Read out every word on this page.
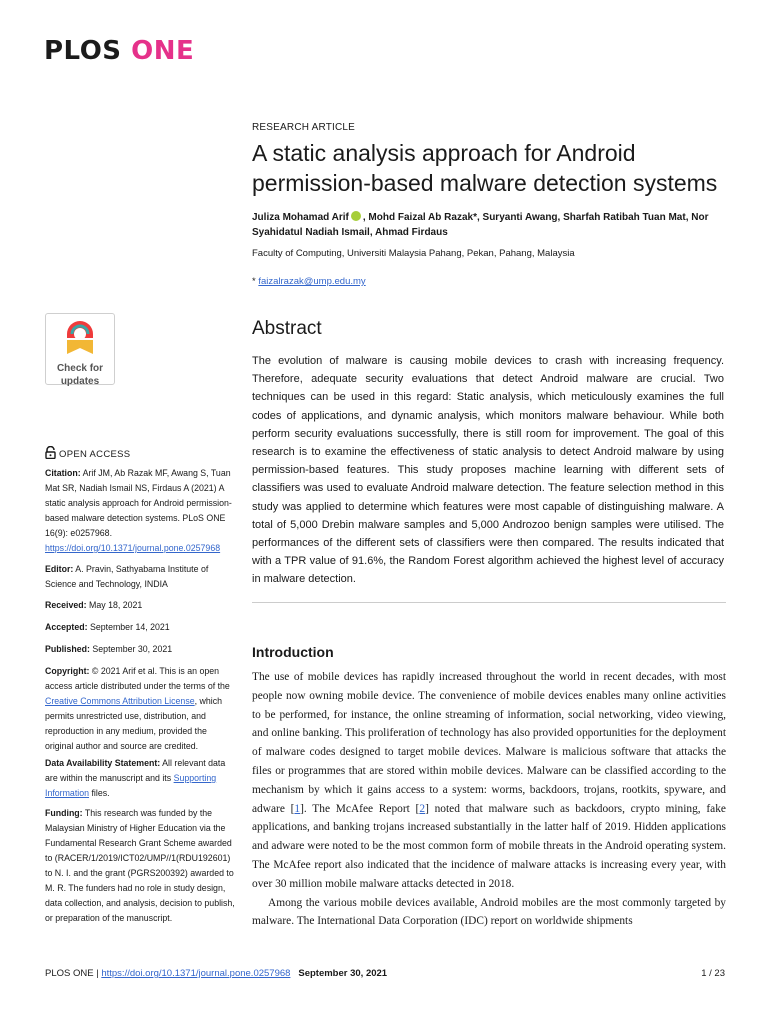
PLOS ONE
RESEARCH ARTICLE
A static analysis approach for Android permission-based malware detection systems
Juliza Mohamad Arif , Mohd Faizal Ab Razak*, Suryanti Awang, Sharfah Ratibah Tuan Mat, Nor Syahidatul Nadiah Ismail, Ahmad Firdaus
Faculty of Computing, Universiti Malaysia Pahang, Pekan, Pahang, Malaysia
* faizalrazak@ump.edu.my
Check for
updates
Abstract
The evolution of malware is causing mobile devices to crash with increasing frequency. Therefore, adequate security evaluations that detect Android malware are crucial. Two techniques can be used in this regard: Static analysis, which meticulously examines the full codes of applications, and dynamic analysis, which monitors malware behaviour. While both perform security evaluations successfully, there is still room for improvement. The goal of this research is to examine the effectiveness of static analysis to detect Android malware by using permission-based features. This study proposes machine learning with different sets of classifiers was used to evaluate Android malware detection. The feature selection method in this study was applied to determine which features were most capable of distinguishing malware. A total of 5,000 Drebin malware samples and 5,000 Androzoo benign samples were utilised. The performances of the different sets of classifiers were then compared. The results indicated that with a TPR value of 91.6%, the Random Forest algorithm achieved the highest level of accuracy in malware detection.
OPEN ACCESS
Citation: Arif JM, Ab Razak MF, Awang S, Tuan Mat SR, Nadiah Ismail NS, Firdaus A (2021) A static analysis approach for Android permission-based malware detection systems. PLoS ONE 16(9): e0257968. https://doi.org/10.1371/journal.pone.0257968
Editor: A. Pravin, Sathyabama Institute of Science and Technology, INDIA
Received: May 18, 2021
Accepted: September 14, 2021
Published: September 30, 2021
Copyright: © 2021 Arif et al. This is an open access article distributed under the terms of the Creative Commons Attribution License, which permits unrestricted use, distribution, and reproduction in any medium, provided the original author and source are credited.
Data Availability Statement: All relevant data are within the manuscript and its Supporting Information files.
Funding: This research was funded by the Malaysian Ministry of Higher Education via the Fundamental Research Grant Scheme awarded to (RACER/1/2019/ICT02/UMP//1(RDU192601) to N. I. and the grant (PGRS200392) awarded to M. R. The funders had no role in study design, data collection, and analysis, decision to publish, or preparation of the manuscript.
Introduction
The use of mobile devices has rapidly increased throughout the world in recent decades, with most people now owning mobile device. The convenience of mobile devices enables many online activities to be performed, for instance, the online streaming of information, social networking, video viewing, and online banking. This proliferation of technology has also provided opportunities for the deployment of malware codes designed to target mobile devices. Malware is malicious software that attacks the files or programmes that are stored within mobile devices. Malware can be classified according to the mechanism by which it gains access to a system: worms, backdoors, trojans, rootkits, spyware, and adware [1]. The McAfee Report [2] noted that malware such as backdoors, crypto mining, fake applications, and banking trojans increased substantially in the latter half of 2019. Hidden applications and adware were noted to be the most common form of mobile threats in the Android operating system. The McAfee report also indicated that the incidence of malware attacks is increasing every year, with over 30 million mobile malware attacks detected in 2018.
Among the various mobile devices available, Android mobiles are the most commonly targeted by malware. The International Data Corporation (IDC) report on worldwide shipments
PLOS ONE | https://doi.org/10.1371/journal.pone.0257968 September 30, 2021	1 / 23
